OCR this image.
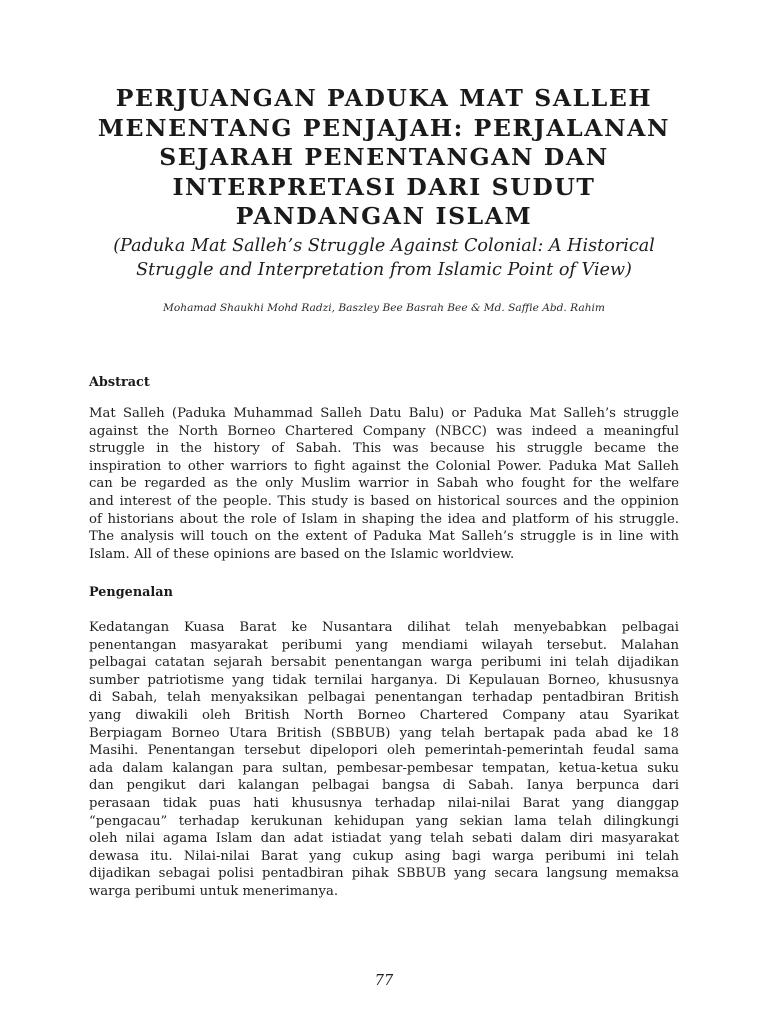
PERJUANGAN PADUKA MAT SALLEH
MENENTANG PENJAJAH: PERJALANAN
SEJARAH PENENTANGAN DAN
INTERPRETASI DARI SUDUT
PANDANGAN ISLAM
(Paduka Mat Salleh’s Struggle Against Colonial: A Historical
Struggle and Interpretation from Islamic Point of View)
Mohamad Shaukhi Mohd Radzi, Baszley Bee Basrah Bee & Md. Saffie Abd. Rahim
Abstract
Mat Salleh (Paduka Muhammad Salleh Datu Balu) or Paduka Mat Salleh’s struggle
against the North Borneo Chartered Company (NBCC) was indeed a meaningful
struggle in the history of Sabah. This was because his struggle became the
inspiration to other warriors to fight against the Colonial Power. Paduka Mat Salleh
can be regarded as the only Muslim warrior in Sabah who fought for the welfare
and interest of the people. This study is based on historical sources and the oppinion
of historians about the role of Islam in shaping the idea and platform of his struggle.
The analysis will touch on the extent of Paduka Mat Salleh’s struggle is in line with
Islam. All of these opinions are based on the Islamic worldview.
Pengenalan
Kedatangan Kuasa Barat ke Nusantara dilihat telah menyebabkan pelbagai
penentangan masyarakat peribumi yang mendiami wilayah tersebut. Malahan
pelbagai catatan sejarah bersabit penentangan warga peribumi ini telah dijadikan
sumber patriotisme yang tidak ternilai harganya. Di Kepulauan Borneo, khususnya
di Sabah, telah menyaksikan pelbagai penentangan terhadap pentadbiran British
yang diwakili oleh British North Borneo Chartered Company atau Syarikat
Berpiagam Borneo Utara British (SBBUB) yang telah bertapak pada abad ke 18
Masihi. Penentangan tersebut dipelopori oleh pemerintah-pemerintah feudal sama
ada dalam kalangan para sultan, pembesar-pembesar tempatan, ketua-ketua suku
dan pengikut dari kalangan pelbagai bangsa di Sabah. Ianya berpunca dari
perasaan tidak puas hati khususnya terhadap nilai-nilai Barat yang dianggap
“pengacau” terhadap kerukunan kehidupan yang sekian lama telah dilingkungi
oleh nilai agama Islam dan adat istiadat yang telah sebati dalam diri masyarakat
dewasa itu. Nilai-nilai Barat yang cukup asing bagi warga peribumi ini telah
dijadikan sebagai polisi pentadbiran pihak SBBUB yang secara langsung memaksa
warga peribumi untuk menerimanya.
77
